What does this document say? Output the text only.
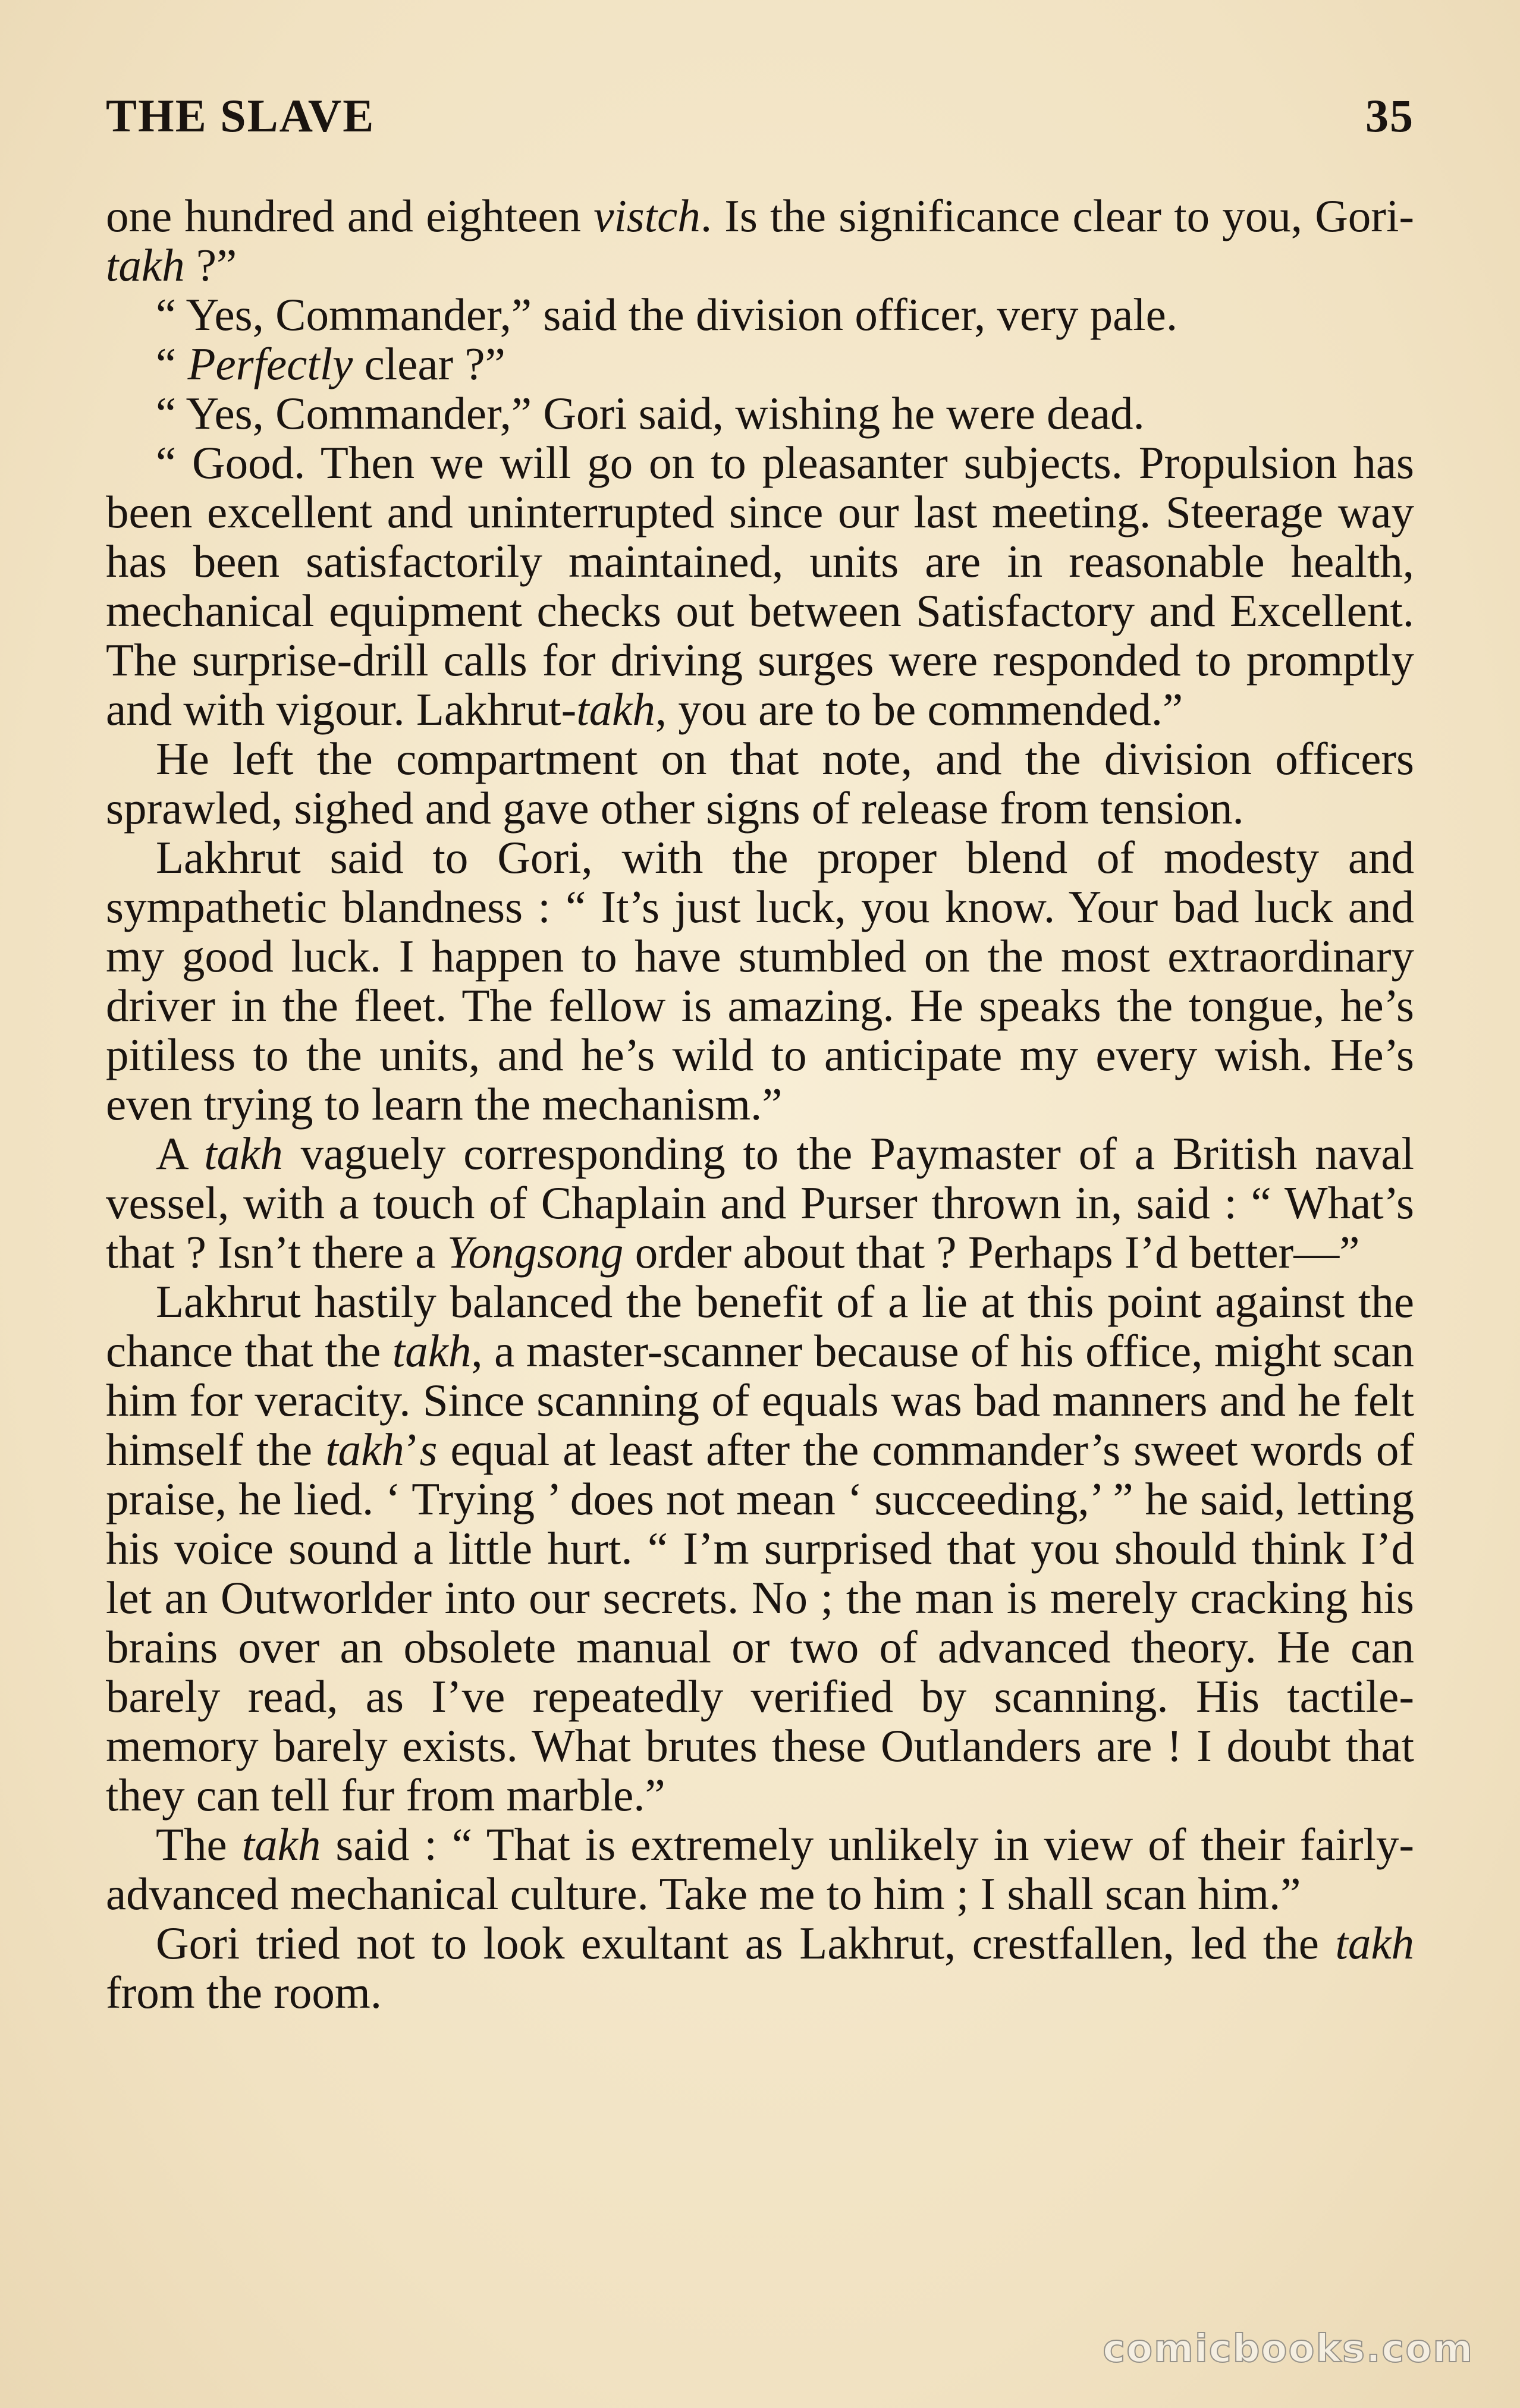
THE SLAVE	35

one hundred and eighteen vistch. Is the significance clear to you, Gori-takh ?”

“ Yes, Commander,” said the division officer, very pale.

“ Perfectly clear ?”

“ Yes, Commander,” Gori said, wishing he were dead.

“ Good. Then we will go on to pleasanter subjects. Propulsion has been excellent and uninterrupted since our last meeting. Steerage way has been satisfactorily maintained, units are in reasonable health, mechanical equipment checks out between Satisfactory and Excellent. The surprise-drill calls for driving surges were responded to promptly and with vigour. Lakhrut-takh, you are to be commended.”

He left the compartment on that note, and the division officers sprawled, sighed and gave other signs of release from tension.

Lakhrut said to Gori, with the proper blend of modesty and sympathetic blandness : “ It’s just luck, you know. Your bad luck and my good luck. I happen to have stumbled on the most extraordinary driver in the fleet. The fellow is amazing. He speaks the tongue, he’s pitiless to the units, and he’s wild to anticipate my every wish. He’s even trying to learn the mechanism.”

A takh vaguely corresponding to the Paymaster of a British naval vessel, with a touch of Chaplain and Purser thrown in, said : “ What’s that ? Isn’t there a Yongsong order about that ? Perhaps I’d better—”

Lakhrut hastily balanced the benefit of a lie at this point against the chance that the takh, a master-scanner because of his office, might scan him for veracity. Since scanning of equals was bad manners and he felt himself the takh’s equal at least after the commander’s sweet words of praise, he lied. ‘ Trying ’ does not mean ‘ succeeding,’ ” he said, letting his voice sound a little hurt. “ I’m surprised that you should think I’d let an Outworlder into our secrets. No ; the man is merely cracking his brains over an obsolete manual or two of advanced theory. He can barely read, as I’ve repeatedly verified by scanning. His tactile-memory barely exists. What brutes these Outlanders are ! I doubt that they can tell fur from marble.”

The takh said : “ That is extremely unlikely in view of their fairly-advanced mechanical culture. Take me to him ; I shall scan him.”

Gori tried not to look exultant as Lakhrut, crestfallen, led the takh from the room.

comicbooks.com
